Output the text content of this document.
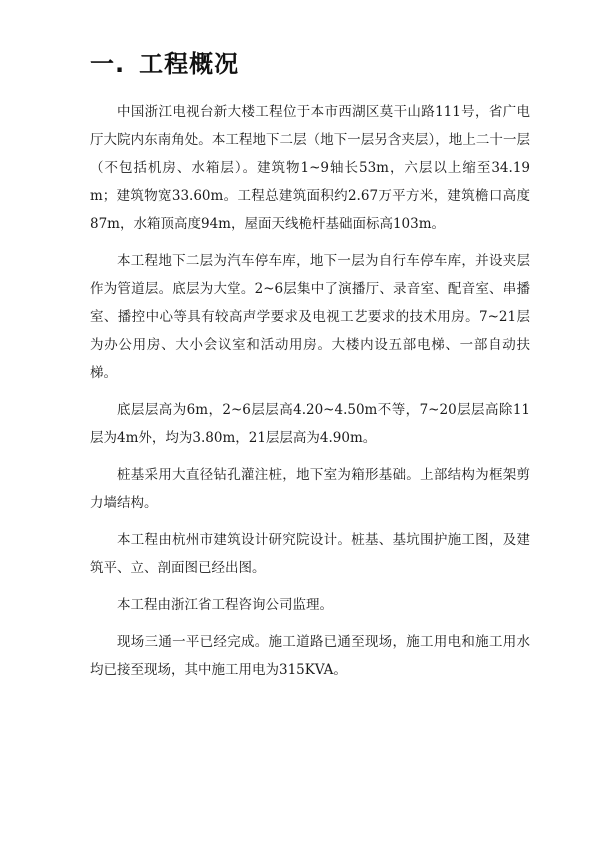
一. 工程概况

中国浙江电视台新大楼工程位于本市西湖区莫干山路111号，省广电厅大院内东南角处。本工程地下二层（地下一层另含夹层），地上二十一层（不包括机房、水箱层）。建筑物1~9轴长53m，六层以上缩至34.19m；建筑物宽33.60m。工程总建筑面积约2.67万平方米，建筑檐口高度87m，水箱顶高度94m，屋面天线桅杆基础面标高103m。

本工程地下二层为汽车停车库，地下一层为自行车停车库，并设夹层作为管道层。底层为大堂。2~6层集中了演播厅、录音室、配音室、串播室、播控中心等具有较高声学要求及电视工艺要求的技术用房。7~21层为办公用房、大小会议室和活动用房。大楼内设五部电梯、一部自动扶梯。

底层层高为6m，2~6层层高4.20~4.50m不等，7~20层层高除11层为4m外，均为3.80m，21层层高为4.90m。

桩基采用大直径钻孔灌注桩，地下室为箱形基础。上部结构为框架剪力墙结构。

本工程由杭州市建筑设计研究院设计。桩基、基坑围护施工图，及建筑平、立、剖面图已经出图。

本工程由浙江省工程咨询公司监理。

现场三通一平已经完成。施工道路已通至现场，施工用电和施工用水均已接至现场，其中施工用电为315KVA。
